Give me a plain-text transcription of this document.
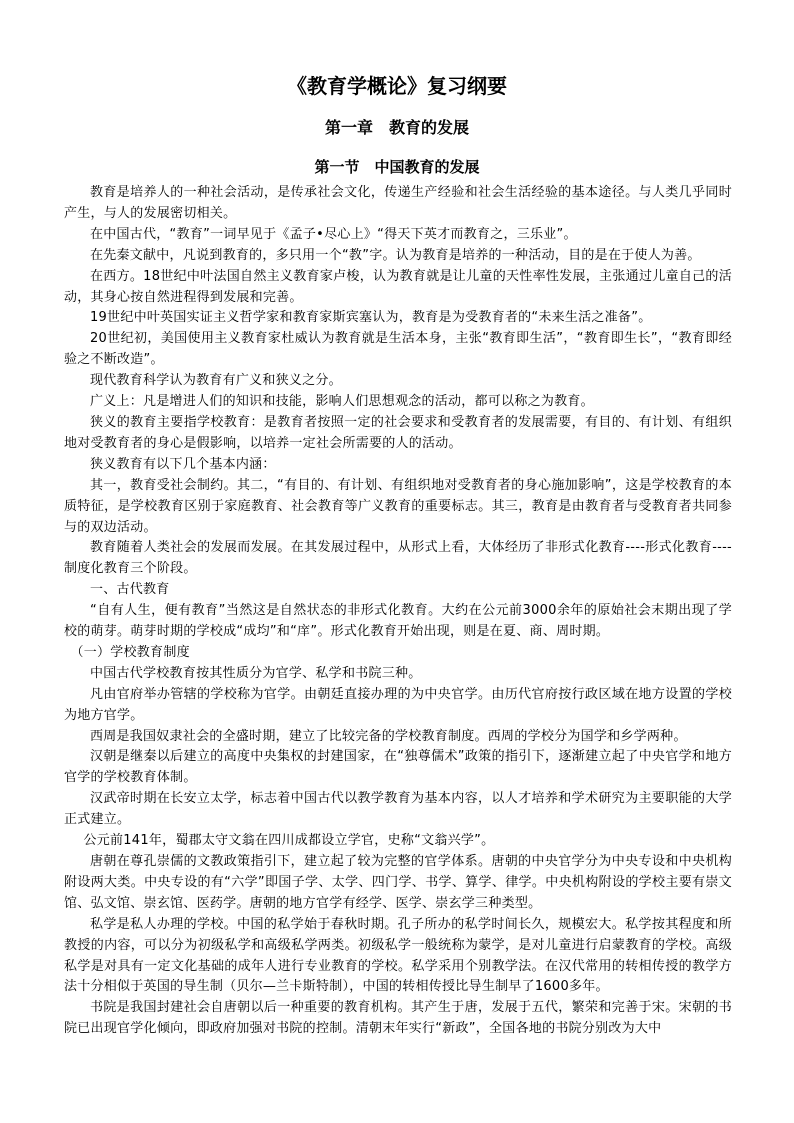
《教育学概论》复习纲要
第一章　教育的发展
第一节　中国教育的发展

教育是培养人的一种社会活动，是传承社会文化，传递生产经验和社会生活经验的基本途径。与人类几乎同时产生，与人的发展密切相关。

在中国古代，“教育”一词早见于《孟子•尽心上》“得天下英才而教育之，三乐业”。

在先秦文献中，凡说到教育的，多只用一个“教”字。认为教育是培养的一种活动，目的是在于使人为善。

在西方。18世纪中叶法国自然主义教育家卢梭，认为教育就是让儿童的天性率性发展，主张通过儿童自己的活动，其身心按自然进程得到发展和完善。

19世纪中叶英国实证主义哲学家和教育家斯宾塞认为，教育是为受教育者的“未来生活之准备”。

20世纪初，美国使用主义教育家杜威认为教育就是生活本身，主张“教育即生活”，“教育即生长”，“教育即经验之不断改造”。

现代教育科学认为教育有广义和狭义之分。

广义上：凡是增进人们的知识和技能，影响人们思想观念的活动，都可以称之为教育。

狭义的教育主要指学校教育：是教育者按照一定的社会要求和受教育者的发展需要，有目的、有计划、有组织地对受教育者的身心是假影响，以培养一定社会所需要的人的活动。

狭义教育有以下几个基本内涵：

其一，教育受社会制约。其二，“有目的、有计划、有组织地对受教育者的身心施加影响”，这是学校教育的本质特征，是学校教育区别于家庭教育、社会教育等广义教育的重要标志。其三，教育是由教育者与受教育者共同参与的双边活动。

教育随着人类社会的发展而发展。在其发展过程中，从形式上看，大体经历了非形式化教育----形式化教育----制度化教育三个阶段。

一、古代教育

“自有人生，便有教育”当然这是自然状态的非形式化教育。大约在公元前3000余年的原始社会末期出现了学校的萌芽。萌芽时期的学校成“成均”和“庠”。形式化教育开始出现，则是在夏、商、周时期。

（一）学校教育制度

中国古代学校教育按其性质分为官学、私学和书院三种。

凡由官府举办管辖的学校称为官学。由朝廷直接办理的为中央官学。由历代官府按行政区域在地方设置的学校为地方官学。

西周是我国奴隶社会的全盛时期，建立了比较完备的学校教育制度。西周的学校分为国学和乡学两种。

汉朝是继秦以后建立的高度中央集权的封建国家，在“独尊儒术”政策的指引下，逐渐建立起了中央官学和地方官学的学校教育体制。

汉武帝时期在长安立太学，标志着中国古代以教学教育为基本内容，以人才培养和学术研究为主要职能的大学正式建立。

公元前141年，蜀郡太守文翁在四川成都设立学官，史称“文翁兴学”。

唐朝在尊孔崇儒的文教政策指引下，建立起了较为完整的官学体系。唐朝的中央官学分为中央专设和中央机构附设两大类。中央专设的有“六学”即国子学、太学、四门学、书学、算学、律学。中央机构附设的学校主要有崇文馆、弘文馆、崇玄馆、医药学。唐朝的地方官学有经学、医学、崇玄学三种类型。

私学是私人办理的学校。中国的私学始于春秋时期。孔子所办的私学时间长久，规模宏大。私学按其程度和所教授的内容，可以分为初级私学和高级私学两类。初级私学一般统称为蒙学，是对儿童进行启蒙教育的学校。高级私学是对具有一定文化基础的成年人进行专业教育的学校。私学采用个别教学法。在汉代常用的转相传授的教学方法十分相似于英国的导生制（贝尔—兰卡斯特制），中国的转相传授比导生制早了1600多年。

书院是我国封建社会自唐朝以后一种重要的教育机构。其产生于唐，发展于五代，繁荣和完善于宋。宋朝的书院已出现官学化倾向，即政府加强对书院的控制。清朝末年实行“新政”，全国各地的书院分别改为大中
